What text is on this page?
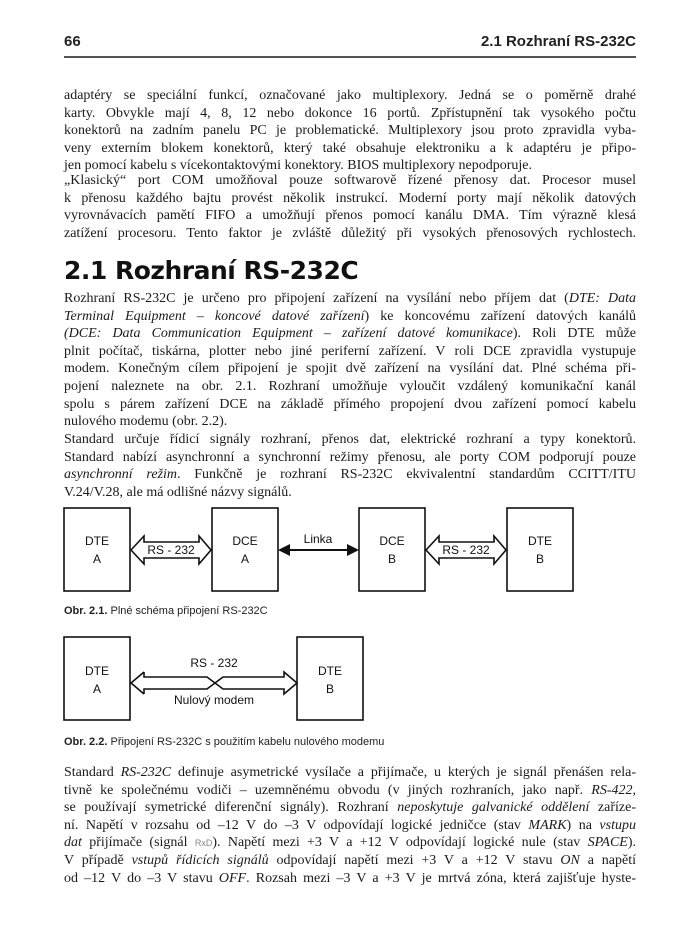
66	2.1 Rozhraní RS-232C
adaptéry se speciální funkcí, označované jako multiplexory. Jedná se o poměrně drahé
karty. Obvykle mají 4, 8, 12 nebo dokonce 16 portů. Zpřístupnění tak vysokého počtu
konektorů na zadním panelu PC je problematické. Multiplexory jsou proto zpravidla vyba-
veny externím blokem konektorů, který také obsahuje elektroniku a k adaptéru je připo-
jen pomocí kabelu s vícekontaktovými konektory. BIOS multiplexory nepodporuje.
„Klasický“ port COM umožňoval pouze softwarově řízené přenosy dat. Procesor musel
k přenosu každého bajtu provést několik instrukcí. Moderní porty mají několik datových
vyrovnávacích pamětí FIFO a umožňují přenos pomocí kanálu DMA. Tím výrazně klesá
zatížení procesoru. Tento faktor je zvláště důležitý při vysokých přenosových rychlostech.
2.1 Rozhraní RS-232C
Rozhraní RS-232C je určeno pro připojení zařízení na vysílání nebo příjem dat (DTE: Data
Terminal Equipment – koncové datové zařízení) ke koncovému zařízení datových kanálů
(DCE: Data Communication Equipment – zařízení datové komunikace). Roli DTE může
plnit počítač, tiskárna, plotter nebo jiné periferní zařízení. V roli DCE zpravidla vystupuje
modem. Konečným cílem připojení je spojit dvě zařízení na vysílání dat. Plné schéma při-
pojení naleznete na obr. 2.1. Rozhraní umožňuje vyloučit vzdálený komunikační kanál
spolu s párem zařízení DCE na základě přímého propojení dvou zařízení pomocí kabelu
nulového modemu (obr. 2.2).
Standard určuje řídicí signály rozhraní, přenos dat, elektrické rozhraní a typy konektorů.
Standard nabízí asynchronní a synchronní režimy přenosu, ale porty COM podporují pouze
asynchronní režim. Funkčně je rozhraní RS-232C ekvivalentní standardům CCITT/ITU
V.24/V.28, ale má odlišné názvy signálů.
DTE
A
DCE
A
DCE
B
DTE
B
RS - 232
Linka
RS - 232
DTE
A
DTE
B
RS - 232
Nulový modem
Obr. 2.1. Plné schéma připojení RS-232C
Obr. 2.2. Připojení RS-232C s použitím kabelu nulového modemu
Standard RS-232C definuje asymetrické vysílače a přijímače, u kterých je signál přenášen rela-
tivně ke společnému vodiči – uzemněnému obvodu (v jiných rozhraních, jako např. RS-422,
se používají symetrické diferenční signály). Rozhraní neposkytuje galvanické oddělení zaříze-
ní. Napětí v rozsahu od –12 V do –3 V odpovídají logické jedničce (stav MARK) na vstupu
dat přijímače (signál RxD). Napětí mezi +3 V a +12 V odpovídají logické nule (stav SPACE).
V případě vstupů řídicích signálů odpovídají napětí mezi +3 V a +12 V stavu ON a napětí
od –12 V do –3 V stavu OFF. Rozsah mezi –3 V a +3 V je mrtvá zóna, která zajišťuje hyste-
